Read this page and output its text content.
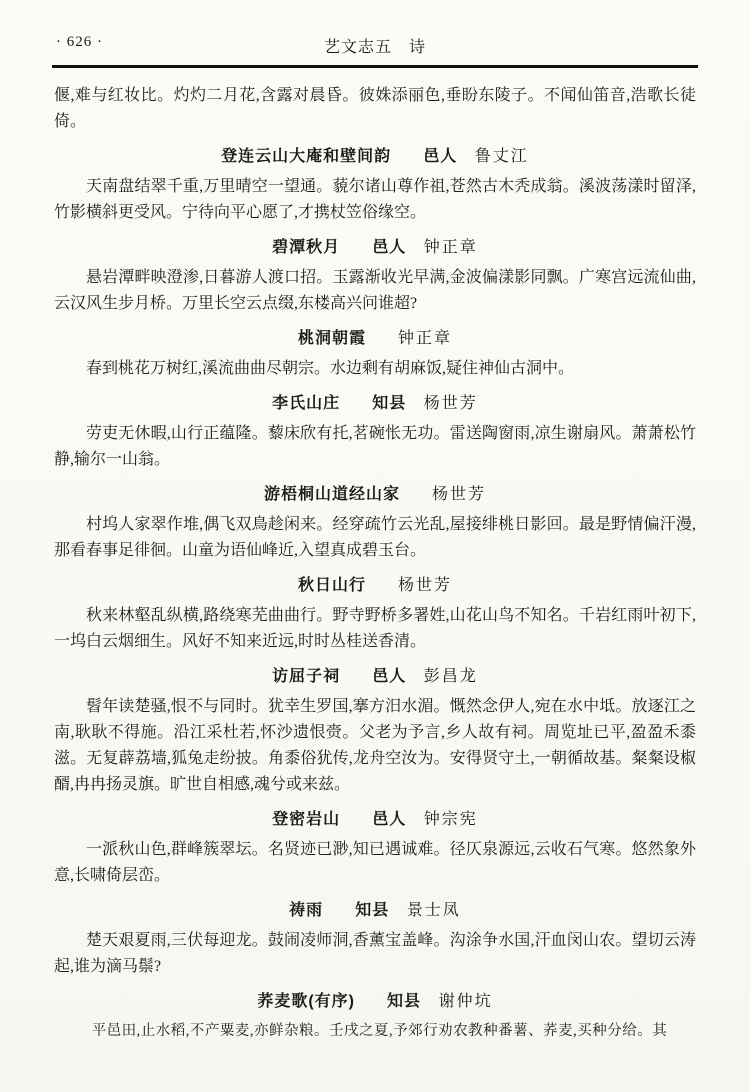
· 626 ·	艺文志五　诗

偃,难与红妆比。灼灼二月花,含露对晨昏。彼姝添丽色,垂盼东陵子。不闻仙笛音,浩歌长徒倚。

登连云山大庵和壁间韵 邑人 鲁丈江

天南盘结翠千重,万里晴空一望通。藐尔诸山尊作祖,苍然古木秃成翁。溪波荡漾时留泽,竹影横斜更受风。宁待向平心愿了,才携杖笠俗缘空。

碧潭秋月 邑人 钟正章

悬岩潭畔映澄渗,日暮游人渡口招。玉露渐收光早满,金波偏漾影同飘。广寒宫远流仙曲,云汉风生步月桥。万里长空云点缀,东楼高兴问谁超?

桃洞朝霞 钟正章

春到桃花万树红,溪流曲曲尽朝宗。水边剩有胡麻饭,疑住神仙古洞中。

李氏山庄 知县 杨世芳

劳吏无休暇,山行正蕴隆。藜床欣有托,茗碗怅无功。雷送陶窗雨,凉生谢扇风。萧萧松竹静,输尔一山翁。

游梧桐山道经山家 杨世芳

村坞人家翠作堆,偶飞双鳥趁闲来。经穿疏竹云光乱,屋接绯桃日影回。最是野情偏汗漫,那看春事足徘徊。山童为语仙峰近,入望真成碧玉台。

秋日山行 杨世芳

秋来林壑乱纵横,路绕寒芜曲曲行。野寺野桥多署姓,山花山鸟不知名。千岩红雨叶初下,一坞白云烟细生。风好不知来近远,时时丛桂送香清。

访屈子祠 邑人 彭昌龙

髫年读楚骚,恨不与同时。犹幸生罗国,搴方汨水湄。慨然念伊人,宛在水中坻。放逐江之南,耿耿不得施。沿江采杜若,怀沙遗恨赍。父老为予言,乡人故有祠。周览址已平,盈盈禾黍滋。无复薜荔墙,狐兔走纷披。角黍俗犹传,龙舟空汝为。安得贤守土,一朝循故基。粲粲设椒醑,冉冉扬灵旗。旷世自相感,魂兮或来兹。

登密岩山 邑人 钟宗宪

一派秋山色,群峰簇翠坛。名贤迹已渺,知已遇诚难。径仄泉源远,云收石气寒。悠然象外意,长啸倚层峦。

祷雨 知县 景士凤

楚天艰夏雨,三伏每迎龙。鼓闹凌师洞,香薰宝盖峰。沟涂争水国,汗血闵山农。望切云涛起,谁为滴马鬃?

荞麦歌(有序) 知县 谢仲坑

平邑田,止水稻,不产粟麦,亦鲜杂粮。壬戌之夏,予郊行劝农教种番薯、荞麦,买种分给。其
